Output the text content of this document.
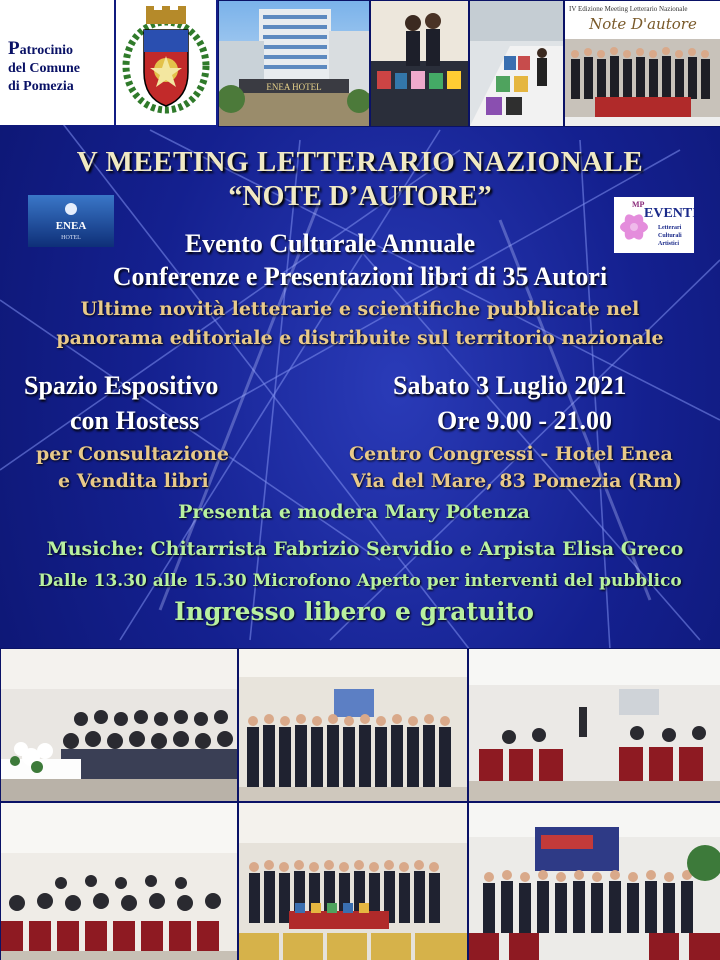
Patrocinio
del Comune
di Pomezia	ENEA HOTEL
IV Edizione Meeting Letterario Nazionale
Note D'autore
V MEETING LETTERARIO NAZIONALE
“NOTE D’AUTORE”
ENEA
HOTEL
MP
EVENTI
Letterari
Culturali
Artistici
Evento Culturale Annuale
Conferenze e Presentazioni libri di 35 Autori
Ultime novità letterarie e scientifiche pubblicate nel
panorama editoriale e distribuite sul territorio nazionale
Spazio Espositivo
con Hostess
per Consultazione
e Vendita libri
Sabato 3 Luglio 2021
Ore 9.00 - 21.00
Centro Congressi - Hotel Enea
Via del Mare, 83 Pomezia (Rm)
Presenta e modera Mary Potenza
Musiche: Chitarrista Fabrizio Servidio e Arpista Elisa Greco
Dalle 13.30 alle 15.30 Microfono Aperto per interventi del pubblico
Ingresso libero e gratuito
